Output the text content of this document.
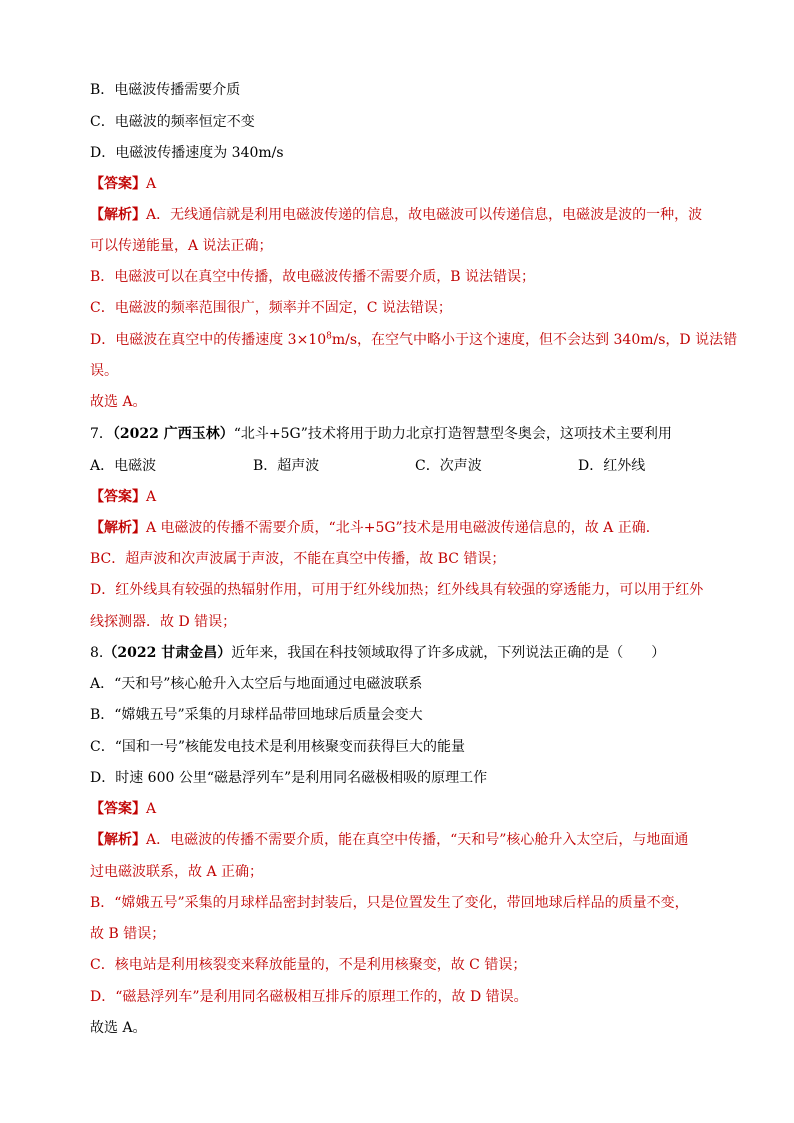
B．电磁波传播需要介质
C．电磁波的频率恒定不变
D．电磁波传播速度为 340m/s
【答案】A
【解析】A．无线通信就是利用电磁波传递的信息，故电磁波可以传递信息，电磁波是波的一种，波
可以传递能量，A 说法正确；
B．电磁波可以在真空中传播，故电磁波传播不需要介质，B 说法错误；
C．电磁波的频率范围很广，频率并不固定，C 说法错误；
D．电磁波在真空中的传播速度 $3\times 10^8m/s$，在空气中略小于这个速度，但不会达到 340m/s，D 说法错
误。
故选 A。
7．（2022 广西玉林）“北斗+5G”技术将用于助力北京打造智慧型冬奥会，这项技术主要利用
A．电磁波	B．超声波	C．次声波	D．红外线
【答案】A
【解析】A 电磁波的传播不需要介质，“北斗+5G”技术是用电磁波传递信息的，故 A 正确．
BC．超声波和次声波属于声波，不能在真空中传播，故 BC 错误；
D．红外线具有较强的热辐射作用，可用于红外线加热；红外线具有较强的穿透能力，可以用于红外
线探测器．故 D 错误；
8.（2022 甘肃金昌）近年来，我国在科技领域取得了许多成就，下列说法正确的是（　　）
A．“天和号”核心舱升入太空后与地面通过电磁波联系
B．“嫦娥五号”采集的月球样品带回地球后质量会变大
C．“国和一号”核能发电技术是利用核聚变而获得巨大的能量
D．时速 600 公里“磁悬浮列车”是利用同名磁极相吸的原理工作
【答案】A
【解析】A．电磁波的传播不需要介质，能在真空中传播，“天和号”核心舱升入太空后，与地面通
过电磁波联系，故 A 正确；
B．“嫦娥五号”采集的月球样品密封封装后，只是位置发生了变化，带回地球后样品的质量不变，
故 B 错误；
C．核电站是利用核裂变来释放能量的，不是利用核聚变，故 C 错误；
D．“磁悬浮列车”是利用同名磁极相互排斥的原理工作的，故 D 错误。
故选 A。
